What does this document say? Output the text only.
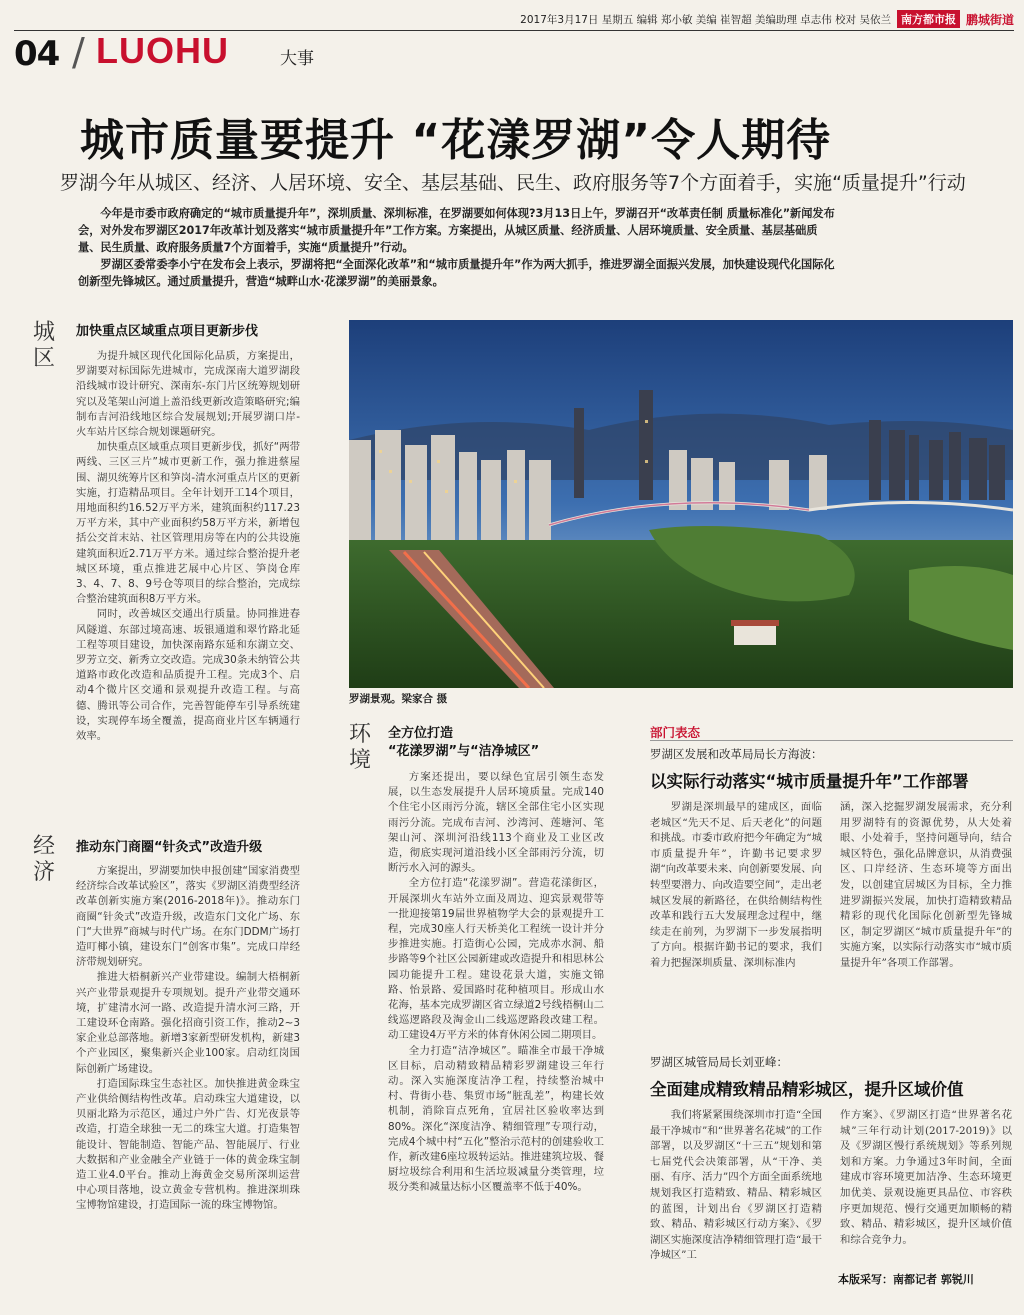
2017年3月17日 星期五 编辑 郑小敏 美编 崔智超 美编助理 卓志伟 校对 吴依兰 南方都市报 鹏城街道
04 / LUOHU	大事
城市质量要提升 “花漾罗湖”令人期待
罗湖今年从城区、经济、人居环境、安全、基层基础、民生、政府服务等7个方面着手，实施“质量提升”行动

今年是市委市政府确定的“城市质量提升年”，深圳质量、深圳标准，在罗湖要如何体现?3月13日上午，罗湖召开“改革责任制 质量标准化”新闻发布会，对外发布罗湖区2017年改革计划及落实“城市质量提升年”工作方案。方案提出，从城区质量、经济质量、人居环境质量、安全质量、基层基础质量、民生质量、政府服务质量7个方面着手，实施“质量提升”行动。

罗湖区委常委李小宁在发布会上表示，罗湖将把“全面深化改革”和“城市质量提升年”作为两大抓手，推进罗湖全面振兴发展，加快建设现代化国际化创新型先锋城区。通过质量提升，营造“城畔山水·花漾罗湖”的美丽景象。

城区
加快重点区域重点项目更新步伐

为提升城区现代化国际化品质，方案提出，罗湖要对标国际先进城市，完成深南大道罗湖段沿线城市设计研究、深南东-东门片区统筹规划研究以及笔架山河道上盖沿线更新改造策略研究;编制布吉河沿线地区综合发展规划;开展罗湖口岸-火车站片区综合规划课题研究。

加快重点区域重点项目更新步伐，抓好“两带两线、三区三片”城市更新工作，强力推进蔡屋围、湖贝统筹片区和笋岗-清水河重点片区的更新实施，打造精品项目。全年计划开工14个项目，用地面积约16.52万平方米，建筑面积约117.23万平方米，其中产业面积约58万平方米，新增包括公交首末站、社区管理用房等在内的公共设施建筑面积近2.71万平方米。通过综合整治提升老城区环境，重点推进艺展中心片区、笋岗仓库3、4、7、8、9号仓等项目的综合整治，完成综合整治建筑面积8万平方米。

同时，改善城区交通出行质量。协同推进春风隧道、东部过境高速、坂银通道和翠竹路北延工程等项目建设，加快深南路东延和东湖立交、罗芳立交、新秀立交改造。完成30条未纳管公共道路市政化改造和品质提升工程。完成3个、启动4个微片区交通和景观提升改造工程。与高德、腾讯等公司合作，完善智能停车引导系统建设，实现停车场全覆盖，提高商业片区车辆通行效率。

经济
推动东门商圈“针灸式”改造升级

方案提出，罗湖要加快申报创建“国家消费型经济综合改革试验区”，落实《罗湖区消费型经济改革创新实施方案(2016-2018年)》。推动东门商圈“针灸式”改造升级，改造东门文化广场、东门“大世界”商城与时代广场。在东门DDM广场打造叮椰小镇，建设东门“创客市集”。完成口岸经济带规划研究。

推进大梧桐新兴产业带建设。编制大梧桐新兴产业带景观提升专项规划。提升产业带交通环境，扩建清水河一路、改造提升清水河三路，开工建设环仓南路。强化招商引资工作，推动2~3家企业总部落地。新增3家新型研发机构，新建3个产业园区，聚集新兴企业100家。启动红岗国际创新广场建设。

打造国际珠宝生态社区。加快推进黄金珠宝产业供给侧结构性改革。启动珠宝大道建设，以贝丽北路为示范区，通过户外广告、灯光夜景等改造，打造全球独一无二的珠宝大道。打造集智能设计、智能制造、智能产品、智能展厅、行业大数据和产业金融全产业链于一体的黄金珠宝制造工业4.0平台。推动上海黄金交易所深圳运营中心项目落地，设立黄金专营机构。推进深圳珠宝博物馆建设，打造国际一流的珠宝博物馆。

罗湖景观。梁家合 摄
环境
全方位打造
“花漾罗湖”与“洁净城区”

方案还提出，要以绿色宜居引领生态发展，以生态发展提升人居环境质量。完成140个住宅小区雨污分流，辖区全部住宅小区实现雨污分流。完成布吉河、沙湾河、莲塘河、笔架山河、深圳河沿线113个商业及工业区改造，彻底实现河道沿线小区全部雨污分流，切断污水入河的源头。

全方位打造“花漾罗湖”。营造花漾街区，开展深圳火车站外立面及周边、迎宾景观带等一批迎接第19届世界植物学大会的景观提升工程，完成30座人行天桥美化工程统一设计并分步推进实施。打造街心公园，完成赤水洞、船步路等9个社区公园新建或改造提升和相思林公园功能提升工程。建设花景大道，实施文锦路、怡景路、爱国路时花种植项目。形成山水花海，基本完成罗湖区省立绿道2号线梧桐山二线巡逻路段及淘金山二线巡逻路段改建工程。动工建设4万平方米的体育休闲公园二期项目。

全力打造“洁净城区”。瞄准全市最干净城区目标，启动精致精品精彩罗湖建设三年行动。深入实施深度洁净工程，持续整治城中村、背街小巷、集贸市场“脏乱差”，构建长效机制，消除盲点死角，宜居社区验收率达到80%。深化“深度洁净、精细管理”专项行动，完成4个城中村“五化”整治示范村的创建验收工作，新改建6座垃圾转运站。推进建筑垃圾、餐厨垃圾综合利用和生活垃圾减量分类管理，垃圾分类和减量达标小区覆盖率不低于40%。

部门表态
罗湖区发展和改革局局长方海波：
以实际行动落实“城市质量提升年”工作部署
罗湖是深圳最早的建成区，面临老城区“先天不足、后天老化”的问题和挑战。市委市政府把今年确定为“城市质量提升年”，许勤书记要求罗湖“向改革要未来、向创新要发展、向转型要潜力、向改造要空间”，走出老城区发展的新路径，在供给侧结构性改革和践行五大发展理念过程中，继续走在前列，为罗湖下一步发展指明了方向。根据许勤书记的要求，我们着力把握深圳质量、深圳标准内
涵，深入挖掘罗湖发展需求，充分利用罗湖特有的资源优势，从大处着眼、小处着手，坚持问题导向，结合城区特色，强化品牌意识，从消费强区、口岸经济、生态环境等方面出发，以创建宜居城区为目标，全力推进罗湖振兴发展，加快打造精致精品精彩的现代化国际化创新型先锋城区，制定罗湖区“城市质量提升年”的实施方案，以实际行动落实市“城市质量提升年”各项工作部署。
罗湖区城管局局长刘亚峰：
全面建成精致精品精彩城区，提升区域价值
我们将紧紧围绕深圳市打造“全国最干净城市”和“世界著名花城”的工作部署，以及罗湖区“十三五”规划和第七届党代会决策部署，从“干净、美丽、有序、活力”四个方面全面系统地规划我区打造精致、精品、精彩城区的蓝图，计划出台《罗湖区打造精致、精品、精彩城区行动方案》、《罗湖区实施深度洁净精细管理打造“最干净城区”工
作方案》、《罗湖区打造“世界著名花城”三年行动计划(2017-2019)》以及《罗湖区慢行系统规划》等系列规划和方案。力争通过3年时间，全面建成市容环境更加洁净、生态环境更加优美、景观设施更具品位、市容秩序更加规范、慢行交通更加顺畅的精致、精品、精彩城区，提升区域价值和综合竞争力。
本版采写：南都记者 郭锐川
